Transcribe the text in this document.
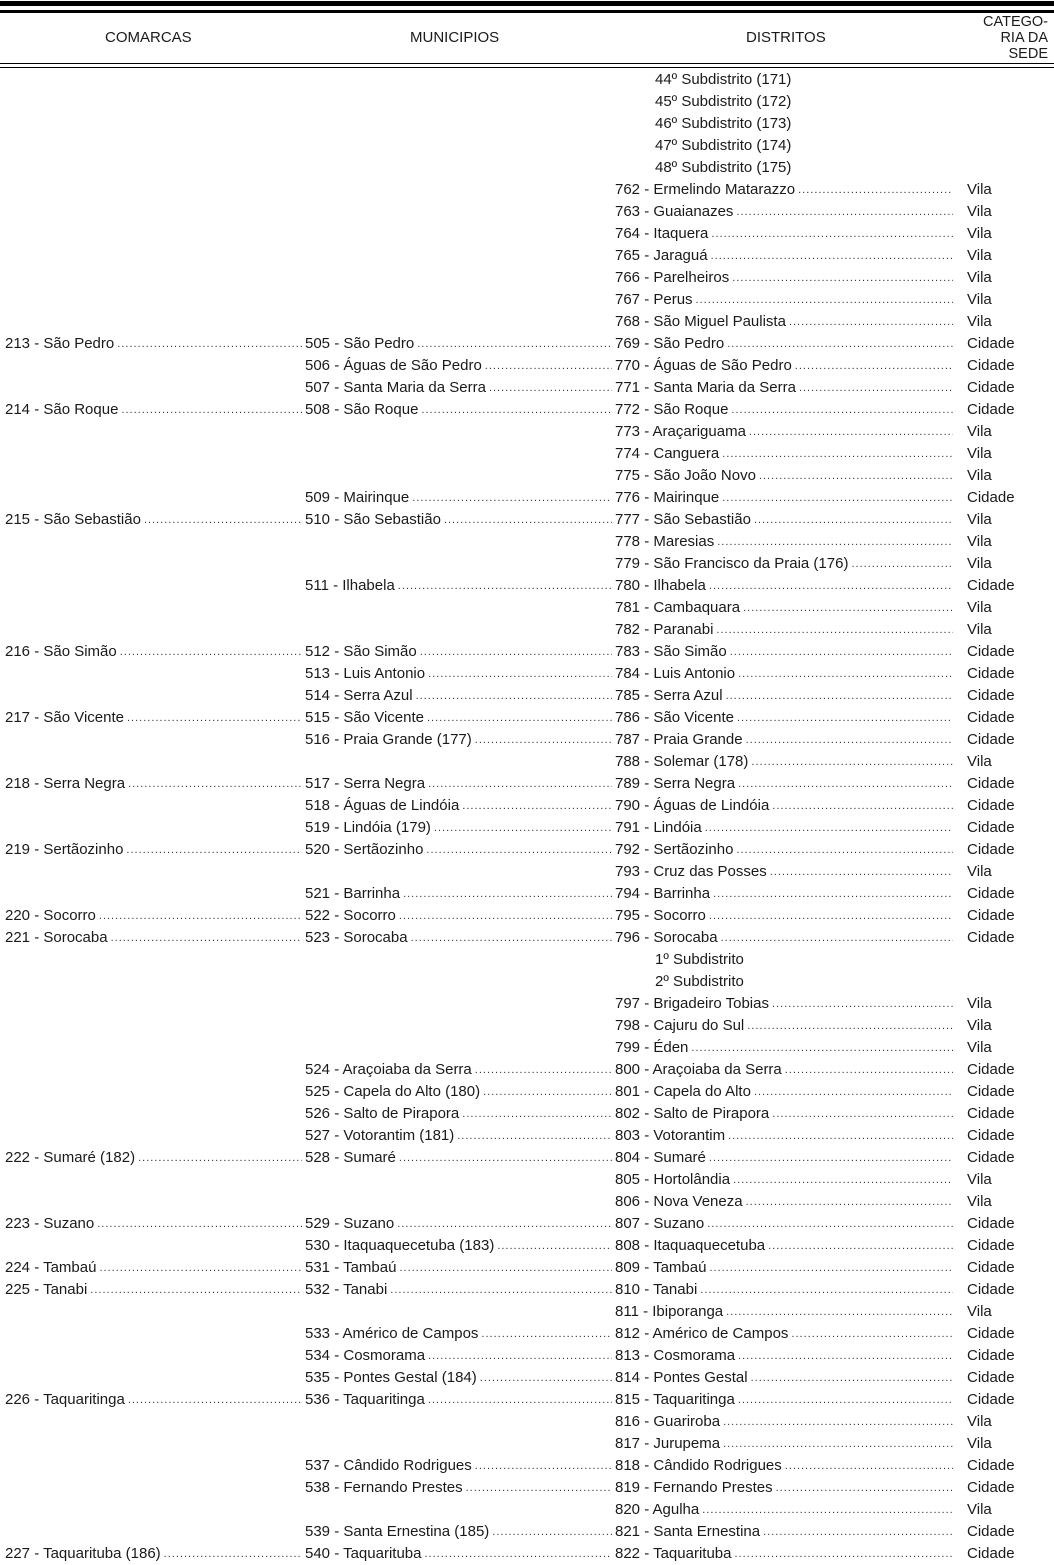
COMARCAS	MUNICIPIOS	DISTRITOS
CATEGO-
RIA DA
SEDE
44º Subdistrito (171)
45º Subdistrito (172)
46º Subdistrito (173)
47º Subdistrito (174)
48º Subdistrito (175)
762 - Ermelindo Matarazzo .....	Vila
763 - Guaianazes .....	Vila
764 - Itaquera .....	Vila
765 - Jaraguá .....	Vila
766 - Parelheiros .....	Vila
767 - Perus .....	Vila
768 - São Miguel Paulista .....	Vila
213 - São Pedro .....	505 - São Pedro .....	769 - São Pedro .....	Cidade
506 - Águas de São Pedro .....	770 - Águas de São Pedro .....	Cidade
507 - Santa Maria da Serra .....	771 - Santa Maria da Serra .....	Cidade
214 - São Roque .....	508 - São Roque .....	772 - São Roque .....	Cidade
773 - Araçariguama .....	Vila
774 - Canguera .....	Vila
775 - São João Novo .....	Vila
509 - Mairinque .....	776 - Mairinque .....	Cidade
215 - São Sebastião .....	510 - São Sebastião .....	777 - São Sebastião .....	Vila
778 - Maresias .....	Vila
779 - São Francisco da Praia (176) .....	Vila
511 - Ilhabela .....	780 - Ilhabela .....	Cidade
781 - Cambaquara .....	Vila
782 - Paranabi .....	Vila
216 - São Simão .....	512 - São Simão .....	783 - São Simão .....	Cidade
513 - Luis Antonio .....	784 - Luis Antonio .....	Cidade
514 - Serra Azul .....	785 - Serra Azul .....	Cidade
217 - São Vicente .....	515 - São Vicente .....	786 - São Vicente .....	Cidade
516 - Praia Grande (177) .....	787 - Praia Grande .....	Cidade
788 - Solemar (178) .....	Vila
218 - Serra Negra .....	517 - Serra Negra .....	789 - Serra Negra .....	Cidade
518 - Águas de Lindóia .....	790 - Águas de Lindóia .....	Cidade
519 - Lindóia (179) .....	791 - Lindóia .....	Cidade
219 - Sertãozinho .....	520 - Sertãozinho .....	792 - Sertãozinho .....	Cidade
793 - Cruz das Posses .....	Vila
521 - Barrinha .....	794 - Barrinha .....	Cidade
220 - Socorro .....	522 - Socorro .....	795 - Socorro .....	Cidade
221 - Sorocaba .....	523 - Sorocaba .....	796 - Sorocaba .....	Cidade
1º Subdistrito
2º Subdistrito
797 - Brigadeiro Tobias .....	Vila
798 - Cajuru do Sul .....	Vila
799 - Éden .....	Vila
524 - Araçoiaba da Serra .....	800 - Araçoiaba da Serra .....	Cidade
525 - Capela do Alto (180) .....	801 - Capela do Alto .....	Cidade
526 - Salto de Pirapora .....	802 - Salto de Pirapora .....	Cidade
527 - Votorantim (181) .....	803 - Votorantim .....	Cidade
222 - Sumaré (182) .....	528 - Sumaré .....	804 - Sumaré .....	Cidade
805 - Hortolândia .....	Vila
806 - Nova Veneza .....	Vila
223 - Suzano .....	529 - Suzano .....	807 - Suzano .....	Cidade
530 - Itaquaquecetuba (183) .....	808 - Itaquaquecetuba .....	Cidade
224 - Tambaú .....	531 - Tambaú .....	809 - Tambaú .....	Cidade
225 - Tanabi .....	532 - Tanabi .....	810 - Tanabi .....	Cidade
811 - Ibiporanga .....	Vila
533 - Américo de Campos .....	812 - Américo de Campos .....	Cidade
534 - Cosmorama .....	813 - Cosmorama .....	Cidade
535 - Pontes Gestal (184) .....	814 - Pontes Gestal .....	Cidade
226 - Taquaritinga .....	536 - Taquaritinga .....	815 - Taquaritinga .....	Cidade
816 - Guariroba .....	Vila
817 - Jurupema .....	Vila
537 - Cândido Rodrigues .....	818 - Cândido Rodrigues .....	Cidade
538 - Fernando Prestes .....	819 - Fernando Prestes .....	Cidade
820 - Agulha .....	Vila
539 - Santa Ernestina (185) .....	821 - Santa Ernestina .....	Cidade
227 - Taquarituba (186) .....	540 - Taquarituba .....	822 - Taquarituba .....	Cidade
